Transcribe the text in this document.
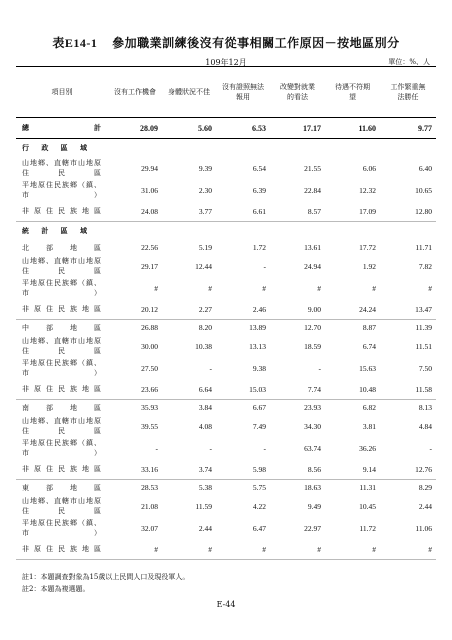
表E14-1 參加職業訓練後沒有從事相關工作原因－按地區別分
109年12月	單位：%、人
項目別	沒有工作機會	身體狀況不佳	沒有證照無法報用	改變對就業的看法	待遇不符期望	工作繁重無法勝任
總　　　　計	28.09	5.60	6.53	17.17	11.60	9.77
行　政　區　域						
山地鄉、直轄市山地原住民區	29.94	9.39	6.54	21.55	6.06	6.40
平地原住民族鄉（鎮、市）	31.06	2.30	6.39	22.84	12.32	10.65
非原住民族地區	24.08	3.77	6.61	8.57	17.09	12.80
統　計　區　域						
北　部　地　區	22.56	5.19	1.72	13.61	17.72	11.71
山地鄉、直轄市山地原住民區	29.17	12.44	-	24.94	1.92	7.82
平地原住民族鄉（鎮、市）	#	#	#	#	#	#
非原住民族地區	20.12	2.27	2.46	9.00	24.24	13.47
中　部　地　區	26.88	8.20	13.89	12.70	8.87	11.39
山地鄉、直轄市山地原住民區	30.00	10.38	13.13	18.59	6.74	11.51
平地原住民族鄉（鎮、市）	27.50	-	9.38	-	15.63	7.50
非原住民族地區	23.66	6.64	15.03	7.74	10.48	11.58
南　部　地　區	35.93	3.84	6.67	23.93	6.82	8.13
山地鄉、直轄市山地原住民區	39.55	4.08	7.49	34.30	3.81	4.84
平地原住民族鄉（鎮、市）	-	-	-	63.74	36.26	-
非原住民族地區	33.16	3.74	5.98	8.56	9.14	12.76
東　部　地　區	28.53	5.38	5.75	18.63	11.31	8.29
山地鄉、直轄市山地原住民區	21.08	11.59	4.22	9.49	10.45	2.44
平地原住民族鄉（鎮、市）	32.07	2.44	6.47	22.97	11.72	11.06
非原住民族地區	#	#	#	#	#	#
註1：本題調查對象為15歲以上民間人口及現役軍人。
註2：本題為複選題。
E-44
